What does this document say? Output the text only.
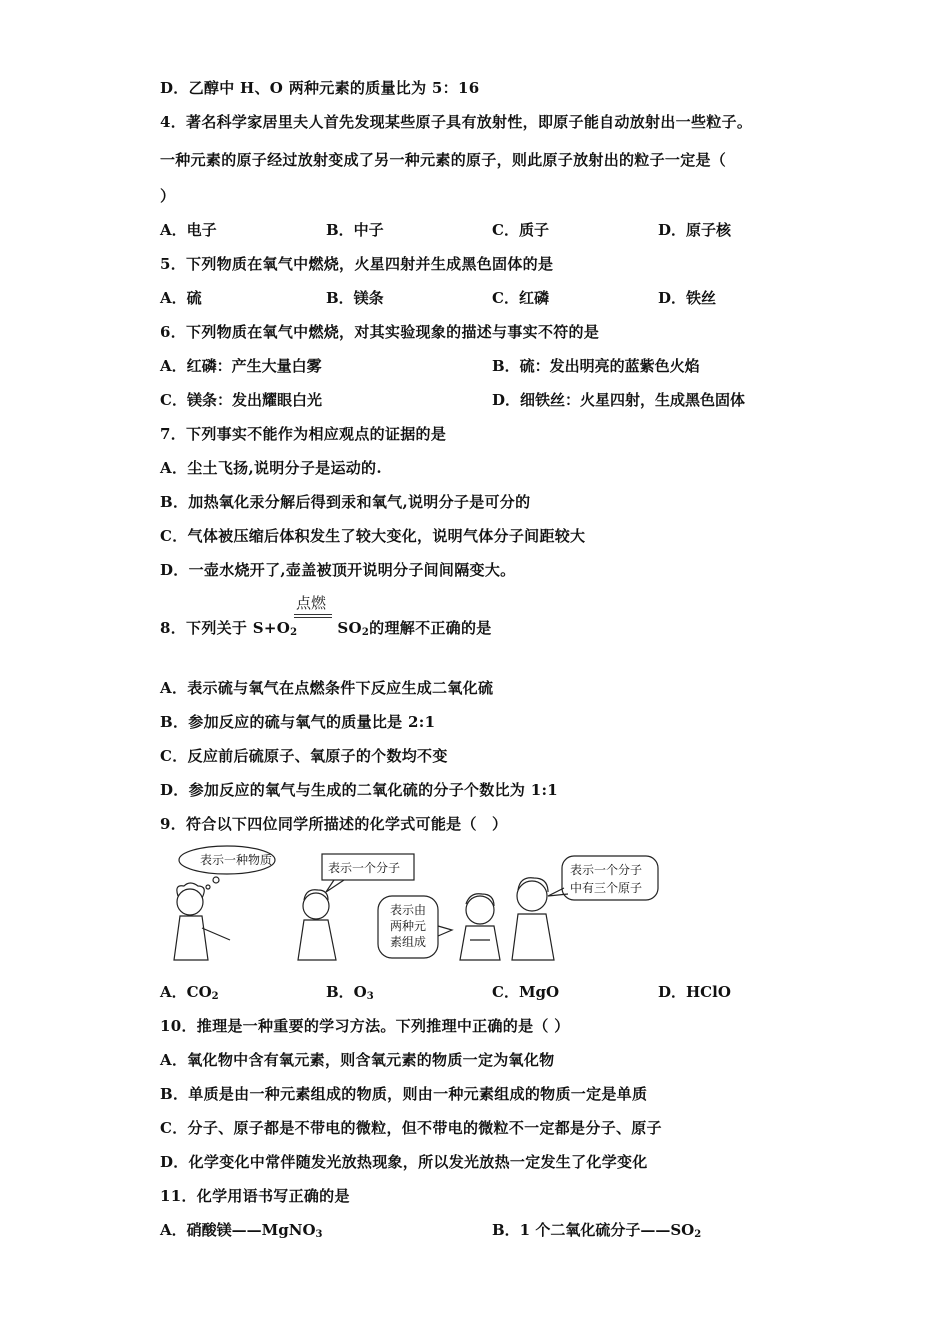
D．乙醇中 H、O 两种元素的质量比为 5：16
4．著名科学家居里夫人首先发现某些原子具有放射性，即原子能自动放射出一些粒子。
一种元素的原子经过放射变成了另一种元素的原子，则此原子放射出的粒子一定是（
）
A．电子	B．中子	C．质子	D．原子核
5．下列物质在氧气中燃烧，火星四射并生成黑色固体的是
A．硫	B．镁条	C．红磷	D．铁丝
6．下列物质在氧气中燃烧，对其实验现象的描述与事实不符的是
A．红磷：产生大量白雾	B．硫：发出明亮的蓝紫色火焰
C．镁条：发出耀眼白光	D．细铁丝：火星四射，生成黑色固体
7．下列事实不能作为相应观点的证据的是
A．尘土飞扬,说明分子是运动的.
B．加热氧化汞分解后得到汞和氧气,说明分子是可分的
C．气体被压缩后体积发生了较大变化，说明气体分子间距较大
D．一壶水烧开了,壶盖被顶开说明分子间间隔变大。
点燃
8．下列关于 $S+O_2$	$SO_2$的理解不正确的是
A．表示硫与氧气在点燃条件下反应生成二氧化硫
B．参加反应的硫与氧气的质量比是 2:1
C．反应前后硫原子、氧原子的个数均不变
D．参加反应的氧气与生成的二氧化硫的分子个数比为 1:1
9．符合以下四位同学所描述的化学式可能是（　）
表示一种物质
表示一个分子
表示由
两种元
素组成
表示一个分子
中有三个原子
A．$CO_2$	B．$O_3$	C．MgO	D．HClO
10．推理是一种重要的学习方法。下列推理中正确的是（ ）
A．氧化物中含有氧元素，则含氧元素的物质一定为氧化物
B．单质是由一种元素组成的物质，则由一种元素组成的物质一定是单质
C．分子、原子都是不带电的微粒，但不带电的微粒不一定都是分子、原子
D．化学变化中常伴随发光放热现象，所以发光放热一定发生了化学变化
11．化学用语书写正确的是
A．硝酸镁——MgNO$_3$	B．1 个二氧化硫分子$——SO_2$
